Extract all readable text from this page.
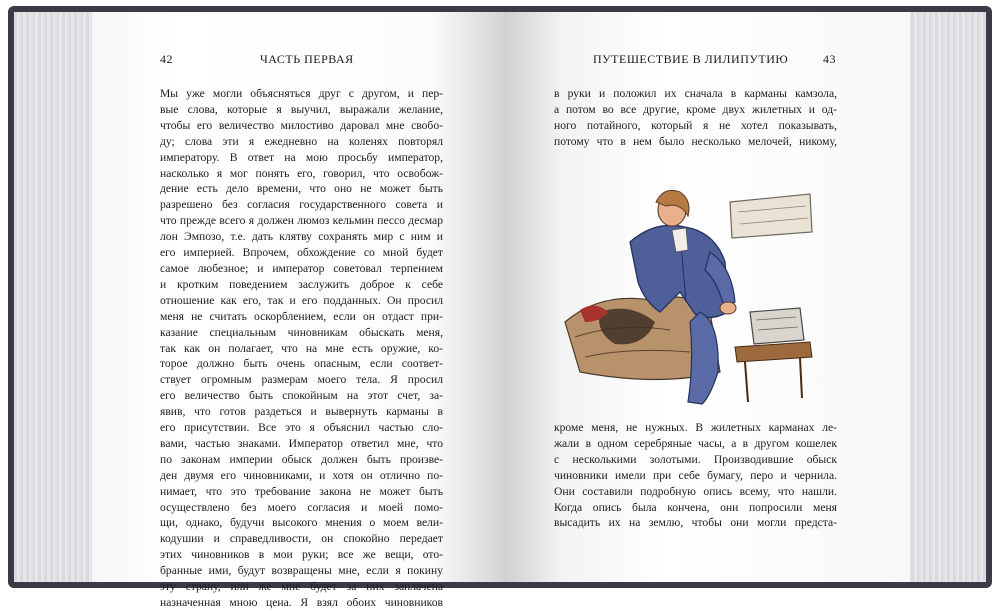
42	ЧАСТЬ ПЕРВАЯ	ПУТЕШЕСТВИЕ В ЛИЛИПУТИЮ	43
Мы уже могли объясняться друг с другом, и пер-
вые слова, которые я выучил, выражали желание,
чтобы его величество милостиво даровал мне свобо-
ду; слова эти я ежедневно на коленях повторял
императору. В ответ на мою просьбу император,
насколько я мог понять его, говорил, что освобож-
дение есть дело времени, что оно не может быть
разрешено без согласия государственного совета и
что прежде всего я должен люмоз кельмин пессо десмар
лон Эмпозо, т.е. дать клятву сохранять мир с ним и
его империей. Впрочем, обхождение со мной будет
самое любезное; и император советовал терпением
и кротким поведением заслужить доброе к себе
отношение как его, так и его подданных. Он просил
меня не считать оскорблением, если он отдаст при-
казание специальным чиновникам обыскать меня,
так как он полагает, что на мне есть оружие, ко-
торое должно быть очень опасным, если соответ-
ствует огромным размерам моего тела. Я просил
его величество быть спокойным на этот счет, за-
явив, что готов раздеться и вывернуть карманы в
его присутствии. Все это я объяснил частью сло-
вами, частью знаками. Император ответил мне, что
по законам империи обыск должен быть произве-
ден двумя его чиновниками, и хотя он отлично по-
нимает, что это требование закона не может быть
осуществлено без моего согласия и моей помо-
щи, однако, будучи высокого мнения о моем вели-
кодушии и справедливости, он спокойно передает
этих чиновников в мои руки; все же вещи, ото-
бранные ими, будут возвращены мне, если я покину
эту страну, или же мне будет за них заплачена
назначенная мною цена. Я взял обоих чиновников
в руки и положил их сначала в карманы камзола,
а потом во все другие, кроме двух жилетных и од-
ного потайного, который я не хотел показывать,
потому что в нем было несколько мелочей, никому,
кроме меня, не нужных. В жилетных карманах ле-
жали в одном серебряные часы, а в другом кошелек
с несколькими золотыми. Производившие обыск
чиновники имели при себе бумагу, перо и чернила.
Они составили подробную опись всему, что нашли.
Когда опись была кончена, они попросили меня
высадить их на землю, чтобы они могли предста-
